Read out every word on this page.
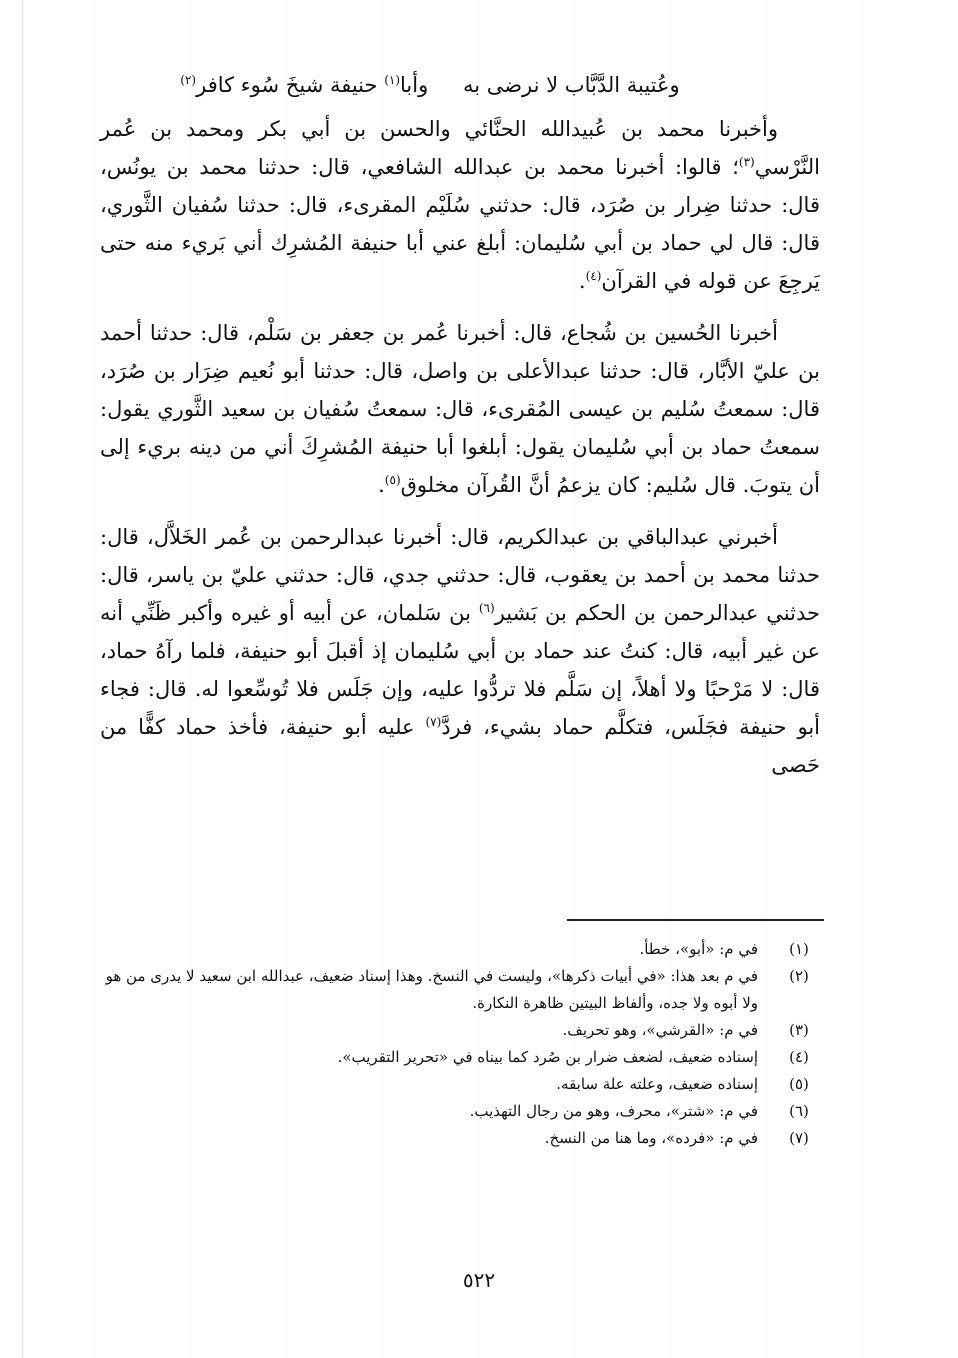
وعُتيبة الدَّبَّاب لا نرضى به وأبا$^{(١)}$ حنيفة شيخَ سُوء كافر$^{(٢)}$

وأخبرنا محمد بن عُبيدالله الحنَّائي والحسن بن أبي بكر ومحمد بن عُمر النَّرْسي$^{(٣)}$؛ قالوا: أخبرنا محمد بن عبدالله الشافعي، قال: حدثنا محمد بن يونُس، قال: حدثنا ضِرار بن صُرَد، قال: حدثني سُلَيْم المقرىء، قال: حدثنا سُفيان الثَّوري، قال: قال لي حماد بن أبي سُليمان: أبلغ عني أبا حنيفة المُشرِك أني بَريء منه حتى يَرجِعَ عن قوله في القرآن$^{(٤)}$.

أخبرنا الحُسين بن شُجاع، قال: أخبرنا عُمر بن جعفر بن سَلْم، قال: حدثنا أحمد بن عليّ الأبَّار، قال: حدثنا عبدالأعلى بن واصل، قال: حدثنا أبو نُعيم ضِرَار بن صُرَد، قال: سمعتُ سُليم بن عيسى المُقرىء، قال: سمعتُ سُفيان بن سعيد الثَّوري يقول: سمعتُ حماد بن أبي سُليمان يقول: أبلغوا أبا حنيفة المُشرِكَ أني من دينه بريء إلى أن يتوبَ. قال سُليم: كان يزعمُ أنَّ القُرآن مخلوق$^{(٥)}$.

أخبرني عبدالباقي بن عبدالكريم، قال: أخبرنا عبدالرحمن بن عُمر الخَلاَّل، قال: حدثنا محمد بن أحمد بن يعقوب، قال: حدثني جدي، قال: حدثني عليّ بن ياسر، قال: حدثني عبدالرحمن بن الحكم بن بَشير$^{(٦)}$ بن سَلمان، عن أبيه أو غيره وأكبر ظَنِّي أنه عن غير أبيه، قال: كنتُ عند حماد بن أبي سُليمان إذ أقبلَ أبو حنيفة، فلما رآهُ حماد، قال: لا مَرْحبًا ولا أهلاً، إن سَلَّم فلا تردُّوا عليه، وإن جَلَس فلا تُوسِّعوا له. قال: فجاء أبو حنيفة فجَلَس، فتكلَّم حماد بشيء، فردَّ$^{(٧)}$ عليه أبو حنيفة، فأخذ حماد كفًّا من حَصى

(١)
في م: «أبو»، خطأ.
(٢)
في م بعد هذا: «في أبيات ذكرها»، وليست في النسخ. وهذا إسناد ضعيف، عبدالله ابن سعيد لا يدرى من هو ولا أبوه ولا جده، وألفاظ البيتين ظاهرة النكارة.
(٣)
في م: «القرشي»، وهو تحريف.
(٤)
إسناده ضعيف، لضعف ضرار بن صُرد كما بيناه في «تحرير التقريب».
(٥)
إسناده ضعيف، وعلته علة سابقه.
(٦)
في م: «شتر»، محرف، وهو من رجال التهذيب.
(٧)
في م: «فرده»، وما هنا من النسخ.
٥٢٢
